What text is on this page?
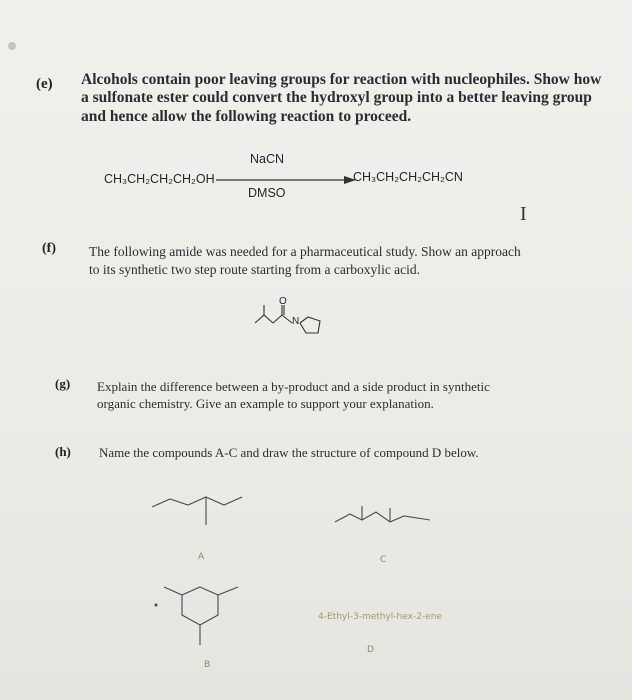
(e) Alcohols contain poor leaving groups for reaction with nucleophiles. Show how
a sulfonate ester could convert the hydroxyl group into a better leaving group
and hence allow the following reaction to proceed.
NaCN
CH₃CH₂CH₂CH₂OH	CH₃CH₂CH₂CH₂CN
DMSO
I
(f) The following amide was needed for a pharmaceutical study. Show an approach
to its synthetic two step route starting from a carboxylic acid.
O
N
(g) Explain the difference between a by-product and a side product in synthetic
organic chemistry. Give an example to support your explanation.
(h) Name the compounds A-C and draw the structure of compound D below.
A	C
B
4-Ethyl-3-methyl-hex-2-ene
D
